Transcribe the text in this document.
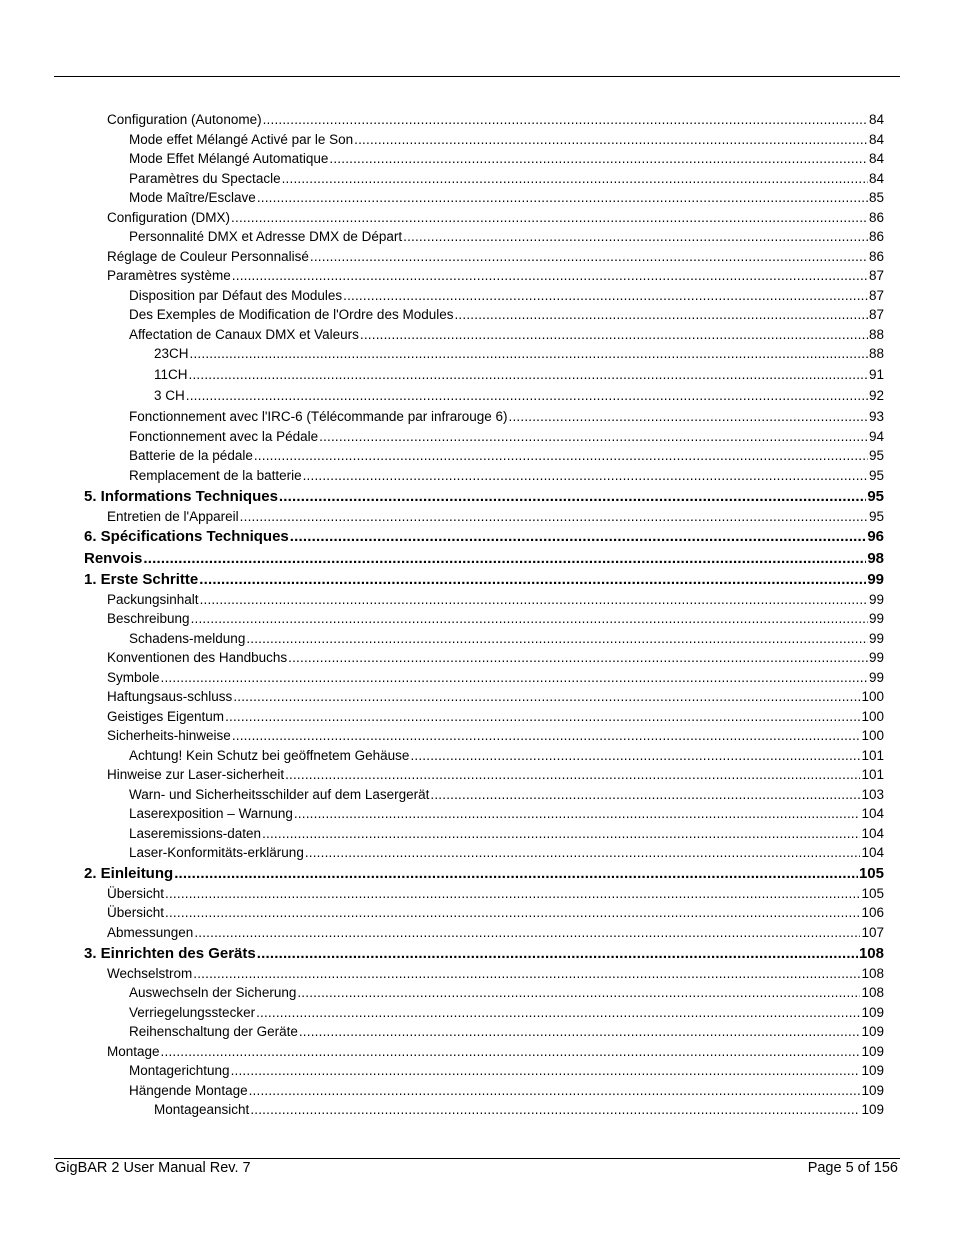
Configuration (Autonome) .....	84
Mode effet Mélangé Activé par le Son .....	84
Mode Effet Mélangé Automatique .....	84
Paramètres du Spectacle .....	84
Mode Maître/Esclave .....	85
Configuration (DMX) .....	86
Personnalité DMX et Adresse DMX de Départ .....	86
Réglage de Couleur Personnalisé .....	86
Paramètres système .....	87
Disposition par Défaut des Modules .....	87
Des Exemples de Modification de l'Ordre des Modules .....	87
Affectation de Canaux DMX et Valeurs .....	88
23CH .....	88
11CH .....	91
3 CH .....	92
Fonctionnement avec l'IRC-6 (Télécommande par infrarouge 6) .....	93
Fonctionnement avec la Pédale .....	94
Batterie de la pédale .....	95
Remplacement de la batterie .....	95
5. Informations Techniques .....	95
Entretien de l'Appareil .....	95
6. Spécifications Techniques .....	96
Renvois .....	98
1. Erste Schritte .....	99
Packungsinhalt .....	99
Beschreibung .....	99
Schadens-meldung .....	99
Konventionen des Handbuchs .....	99
Symbole .....	99
Haftungsaus-schluss .....	100
Geistiges Eigentum .....	100
Sicherheits-hinweise .....	100
Achtung! Kein Schutz bei geöffnetem Gehäuse .....	101
Hinweise zur Laser-sicherheit .....	101
Warn- und Sicherheitsschilder auf dem Lasergerät .....	103
Laserexposition – Warnung .....	104
Laseremissions-daten .....	104
Laser-Konformitäts-erklärung .....	104
2. Einleitung .....	105
Übersicht .....	105
Übersicht .....	106
Abmessungen .....	107
3. Einrichten des Geräts .....	108
Wechselstrom .....	108
Auswechseln der Sicherung .....	108
Verriegelungsstecker .....	109
Reihenschaltung der Geräte .....	109
Montage .....	109
Montagerichtung .....	109
Hängende Montage .....	109
Montageansicht .....	109
GigBAR 2 User Manual Rev. 7	Page 5 of 156
